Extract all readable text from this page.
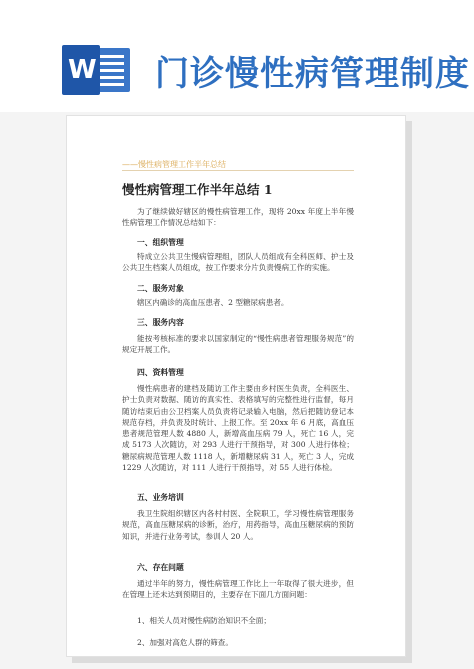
W 门诊慢性病管理制度
——慢性病管理工作半年总结
慢性病管理工作半年总结 1

为了继续做好辖区的慢性病管理工作，现将 20xx 年度上半年慢性病管理工作情况总结如下：

一、组织管理

特成立公共卫生慢病管理组，团队人员组成有全科医师、护士及公共卫生档案人员组成，按工作要求分片负责慢病工作的实施。

二、服务对象

辖区内确诊的高血压患者、2 型糖尿病患者。

三、服务内容

能按考核标准的要求以国家制定的“慢性病患者管理服务规范”的规定开展工作。

四、资料管理

慢性病患者的建档及随访工作主要由乡村医生负责，全科医生、护士负责对数据、随访的真实性、表格填写的完整性进行监督，每月随访结束后由公卫档案人员负责将记录输入电脑，然后把随访登记本规范存档，并负责及时统计、上报工作。至 20xx 年 6 月底，高血压患者规范管理人数 4880 人，新增高血压病 79 人，死亡 16 人，完成 5173 人次随访，对 293 人进行干预指导，对 300 人进行体检；糖尿病规范管理人数 1118 人，新增糖尿病 31 人，死亡 3 人，完成 1229 人次随访，对 111 人进行干预指导，对 55 人进行体检。

五、业务培训

我卫生院组织辖区内各村村医、全院职工，学习慢性病管理服务规范，高血压糖尿病的诊断，治疗，用药指导，高血压糖尿病的预防知识，并进行业务考试，参训人 20 人。

六、存在问题

通过半年的努力，慢性病管理工作比上一年取得了很大进步，但在管理上还未达到预期目的，主要存在下面几方面问题：

1、相关人员对慢性病防治知识不全面；
2、加强对高危人群的筛查。
